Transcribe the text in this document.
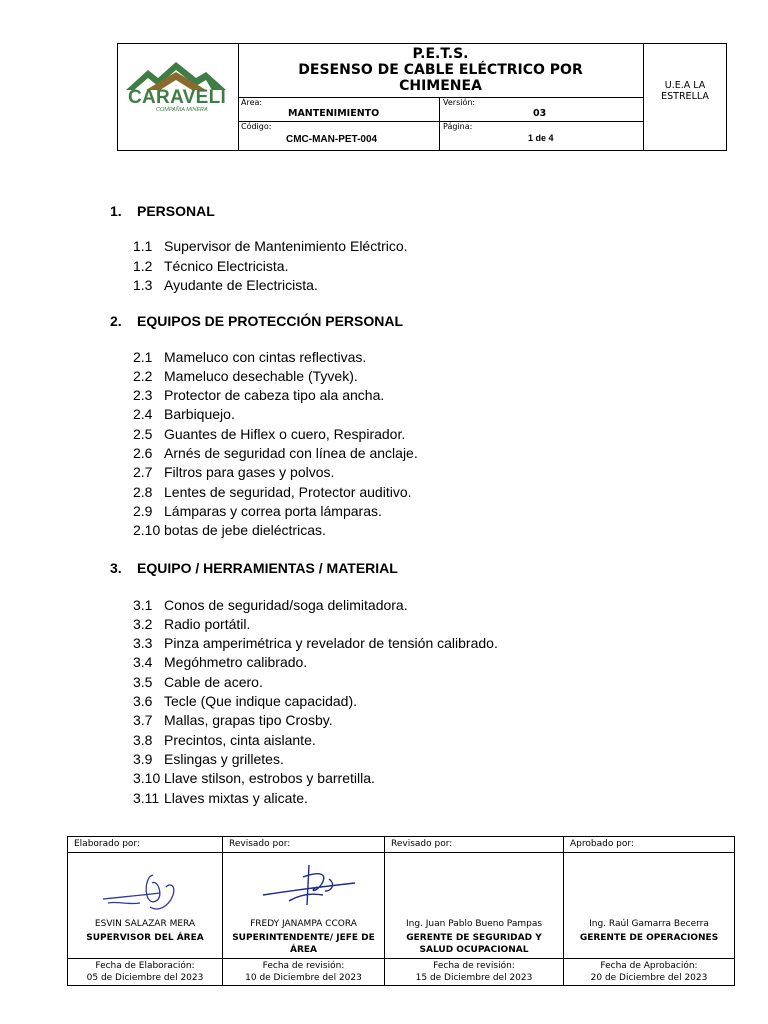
CARAVELI
COMPAÑIA MINERA
P.E.T.S.
DESENSO DE CABLE ELÉCTRICO POR
CHIMENEA
Área:
MANTENIMIENTO
Versión:
03
Código:
CMC-MAN-PET-004
Página:
1 de 4
U.E.A LA ESTRELLA
1. PERSONAL
1.1 Supervisor de Mantenimiento Eléctrico.
1.2 Técnico Electricista.
1.3 Ayudante de Electricista.
2. EQUIPOS DE PROTECCIÓN PERSONAL
2.1 Mameluco con cintas reflectivas.
2.2 Mameluco desechable (Tyvek).
2.3 Protector de cabeza tipo ala ancha.
2.4 Barbiquejo.
2.5 Guantes de Hiflex o cuero, Respirador.
2.6 Arnés de seguridad con línea de anclaje.
2.7 Filtros para gases y polvos.
2.8 Lentes de seguridad, Protector auditivo.
2.9 Lámparas y correa porta lámparas.
2.10 botas de jebe dieléctricas.
3. EQUIPO / HERRAMIENTAS / MATERIAL
3.1 Conos de seguridad/soga delimitadora.
3.2 Radio portátil.
3.3 Pinza amperimétrica y revelador de tensión calibrado.
3.4 Megóhmetro calibrado.
3.5 Cable de acero.
3.6 Tecle (Que indique capacidad).
3.7 Mallas, grapas tipo Crosby.
3.8 Precintos, cinta aislante.
3.9 Eslingas y grilletes.
3.10 Llave stilson, estrobos y barretilla.
3.11 Llaves mixtas y alicate.
Elaborado por:
ESVIN SALAZAR MERA
SUPERVISOR DEL ÁREA
Fecha de Elaboración:
05 de Diciembre del 2023
Revisado por:
FREDY JANAMPA CCORA
SUPERINTENDENTE/ JEFE DE ÁREA
Fecha de revisión:
10 de Diciembre del 2023
Revisado por:
Ing. Juan Pablo Bueno Pampas
GERENTE DE SEGURIDAD Y SALUD OCUPACIONAL
Fecha de revisión:
15 de Diciembre del 2023
Aprobado por:
Ing. Raúl Gamarra Becerra
GERENTE DE OPERACIONES
Fecha de Aprobación:
20 de Diciembre del 2023
